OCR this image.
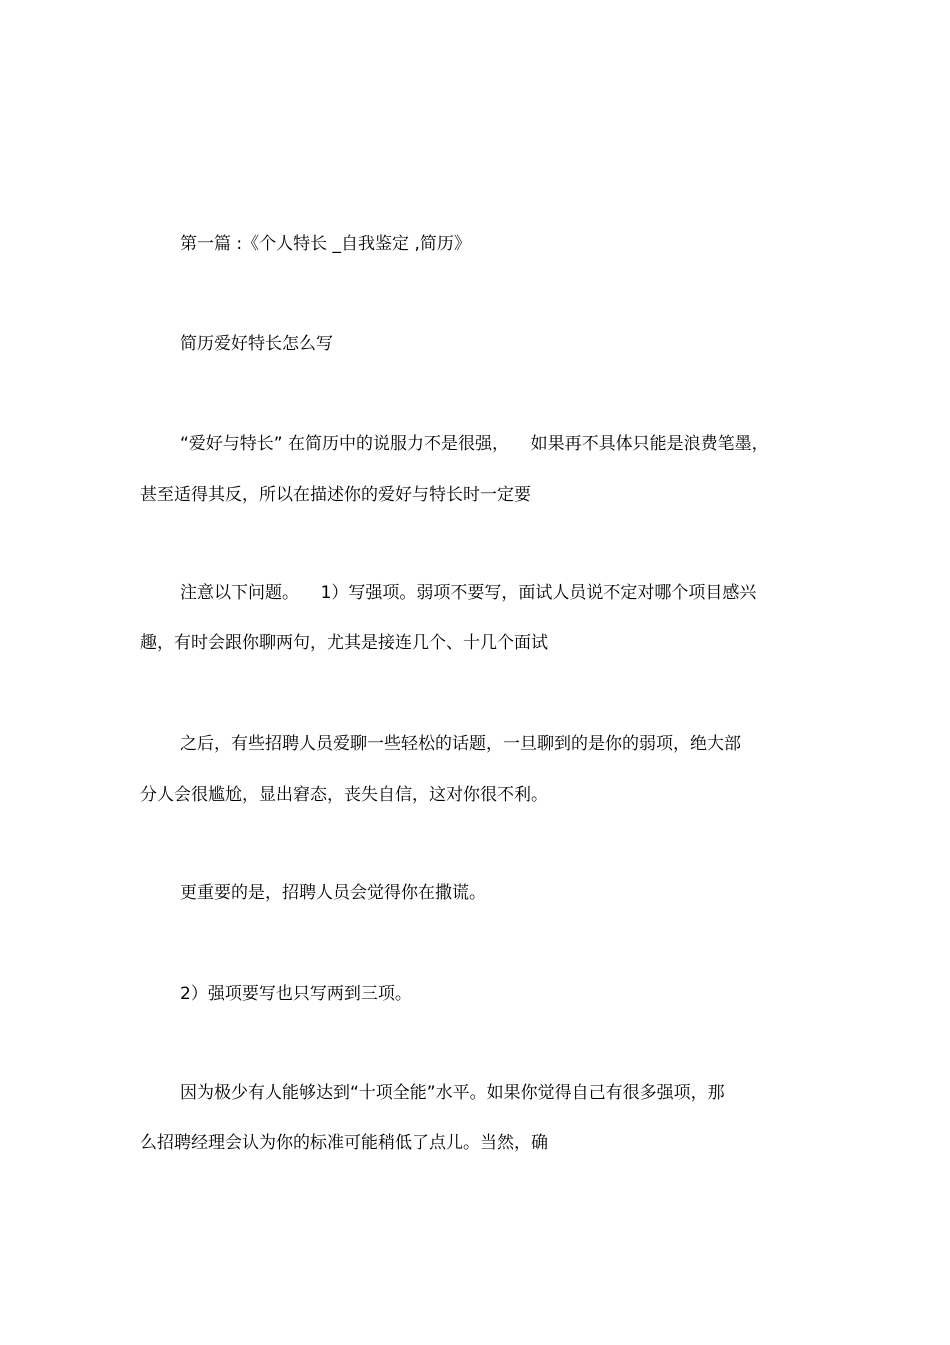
第一篇 :《个人特长 _自我鉴定 ,简历》
简历爱好特长怎么写
“爱好与特长” 在简历中的说服力不是很强，    如果再不具体只能是浪费笔墨，
甚至适得其反，所以在描述你的爱好与特长时一定要
注意以下问题。    1）写强项。弱项不要写，面试人员说不定对哪个项目感兴
趣，有时会跟你聊两句，尤其是接连几个、十几个面试
之后，有些招聘人员爱聊一些轻松的话题，一旦聊到的是你的弱项，绝大部
分人会很尴尬，显出窘态，丧失自信，这对你很不利。
更重要的是，招聘人员会觉得你在撒谎。
2）强项要写也只写两到三项。
因为极少有人能够达到“十项全能”水平。如果你觉得自己有很多强项，那
么招聘经理会认为你的标准可能稍低了点儿。当然，确
